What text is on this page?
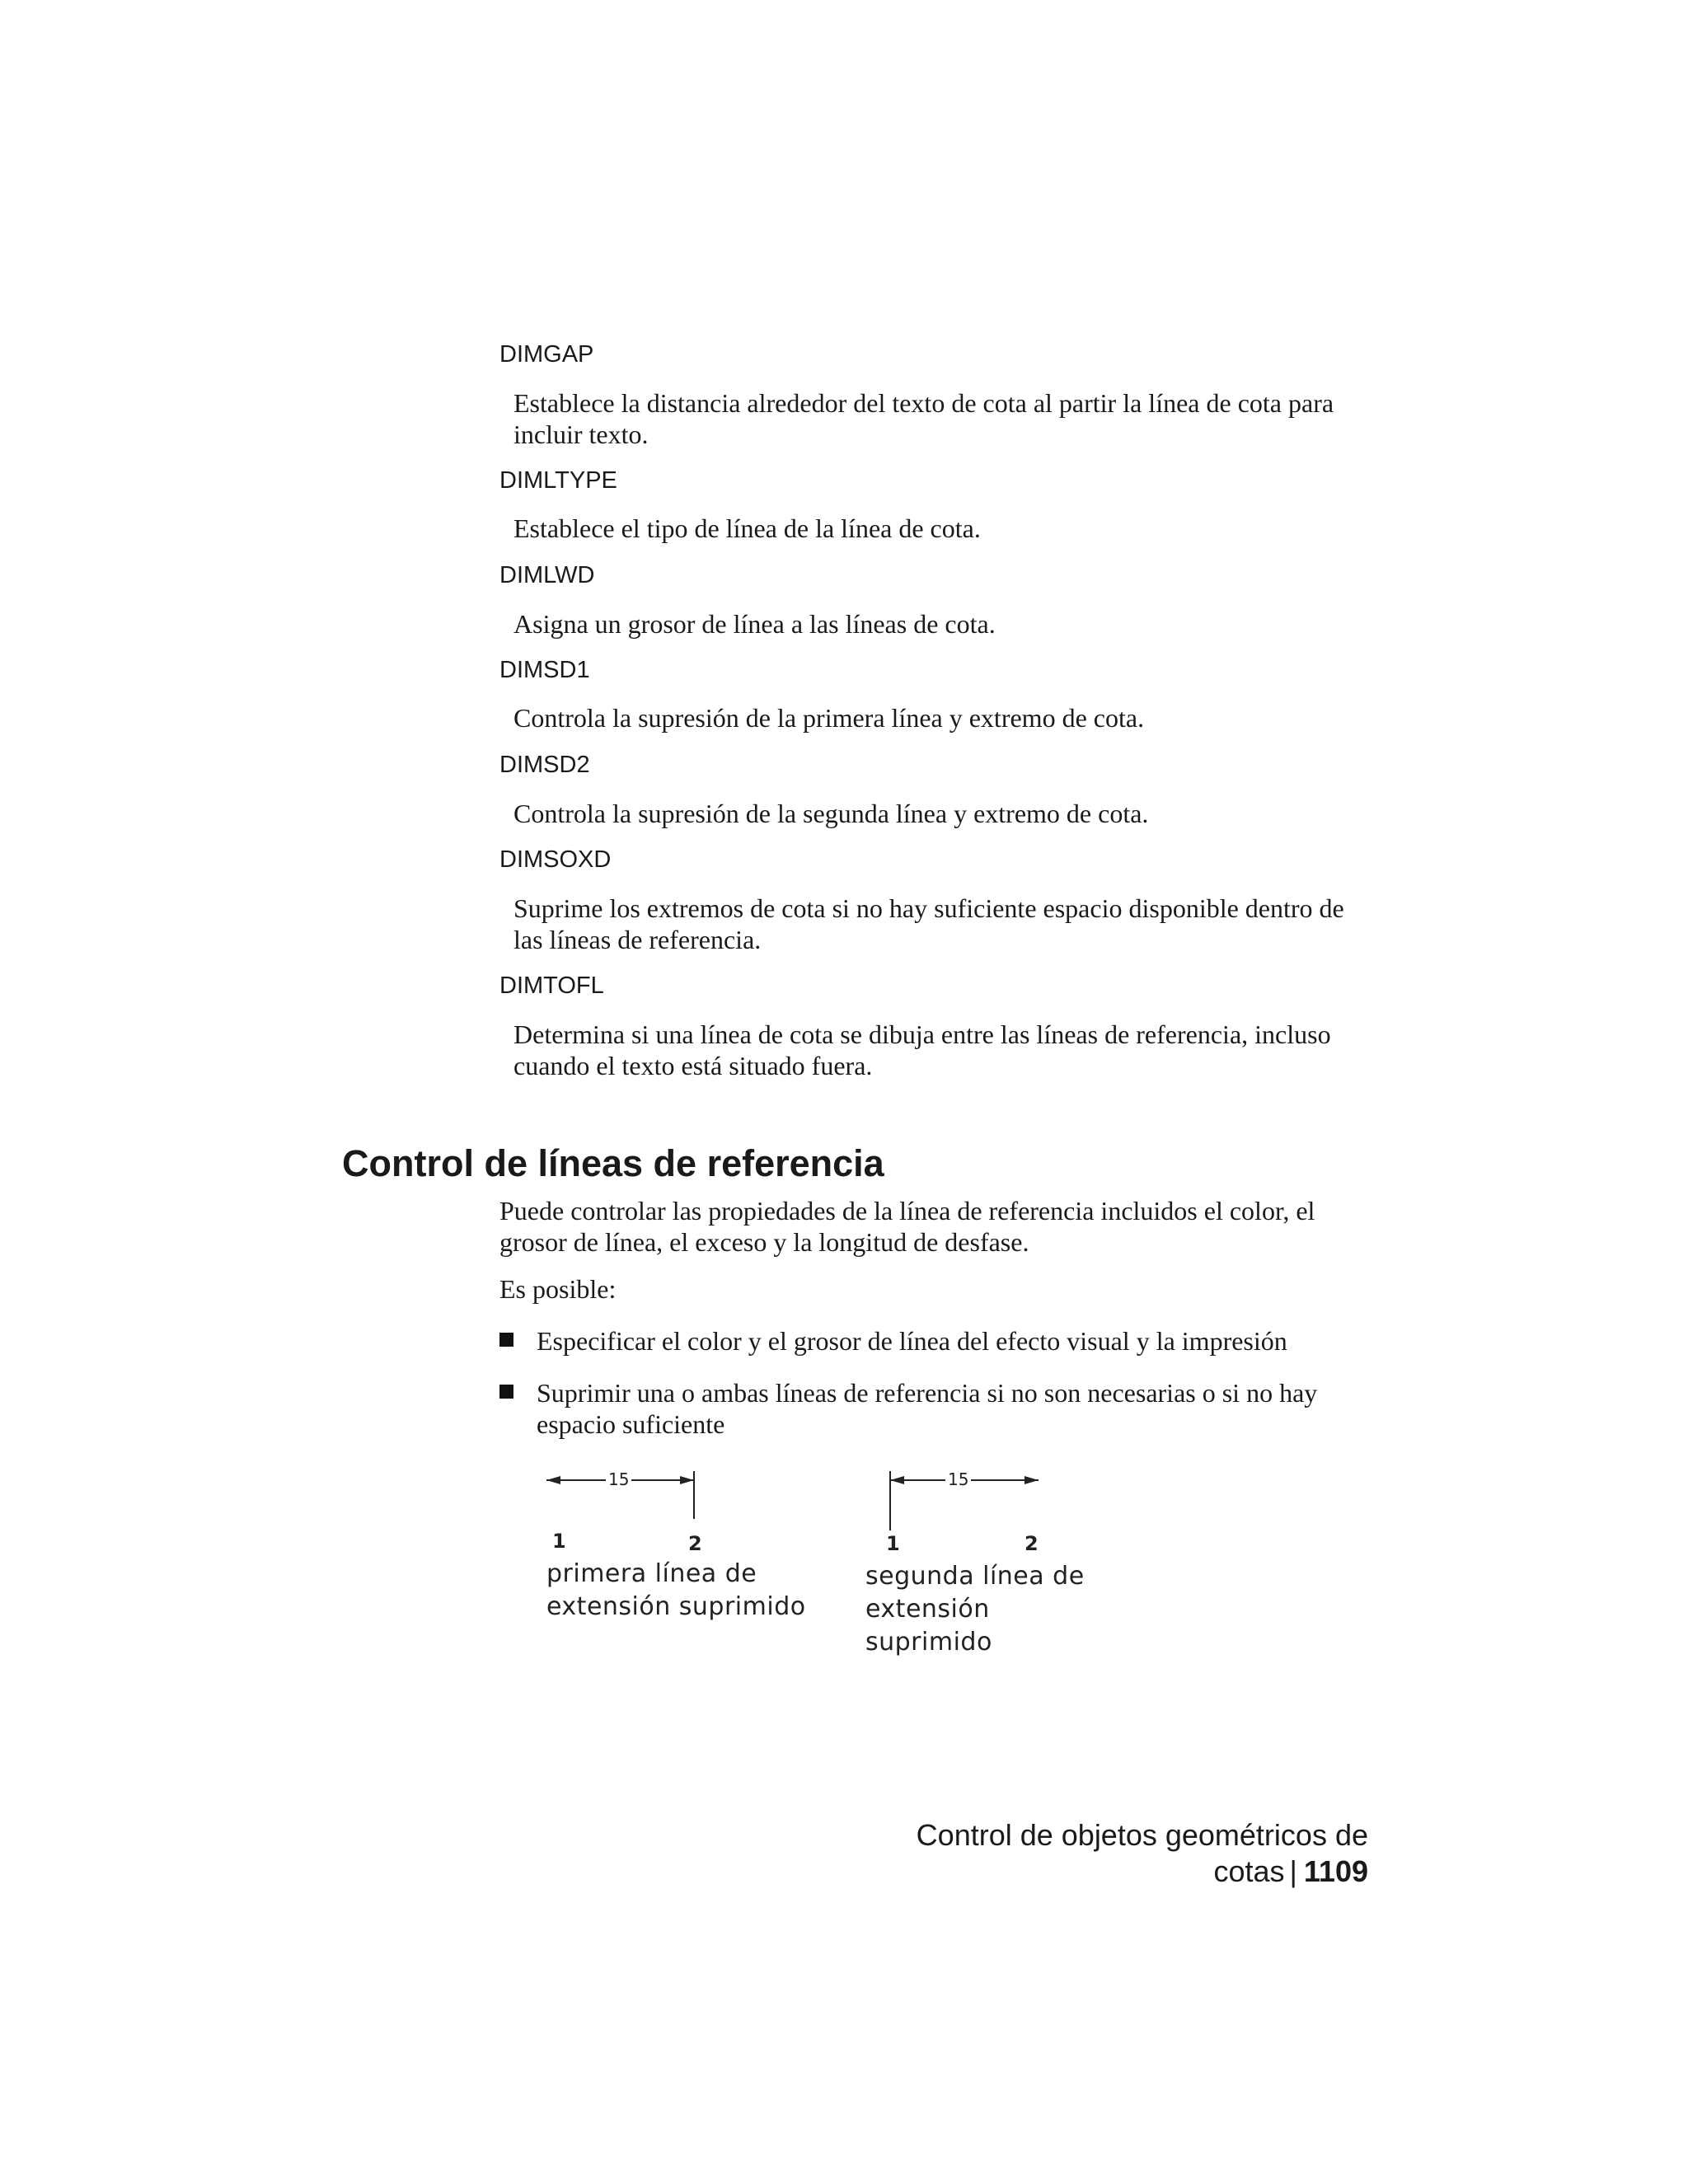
DIMGAP

Establece la distancia alrededor del texto de cota al partir la línea de cota para incluir texto.

DIMLTYPE

Establece el tipo de línea de la línea de cota.

DIMLWD

Asigna un grosor de línea a las líneas de cota.

DIMSD1

Controla la supresión de la primera línea y extremo de cota.

DIMSD2

Controla la supresión de la segunda línea y extremo de cota.

DIMSOXD

Suprime los extremos de cota si no hay suficiente espacio disponible dentro de las líneas de referencia.

DIMTOFL

Determina si una línea de cota se dibuja entre las líneas de referencia, incluso cuando el texto está situado fuera.

Control de líneas de referencia

Puede controlar las propiedades de la línea de referencia incluidos el color, el grosor de línea, el exceso y la longitud de desfase.

Es posible:

Especificar el color y el grosor de línea del efecto visual y la impresión
Suprimir una o ambas líneas de referencia si no son necesarias o si no hay espacio suficiente
15
1	2
primera línea de
extensión suprimido
15
1	2
segunda línea de
extensión suprimido
Control de objetos geométricos de cotas | 1109
